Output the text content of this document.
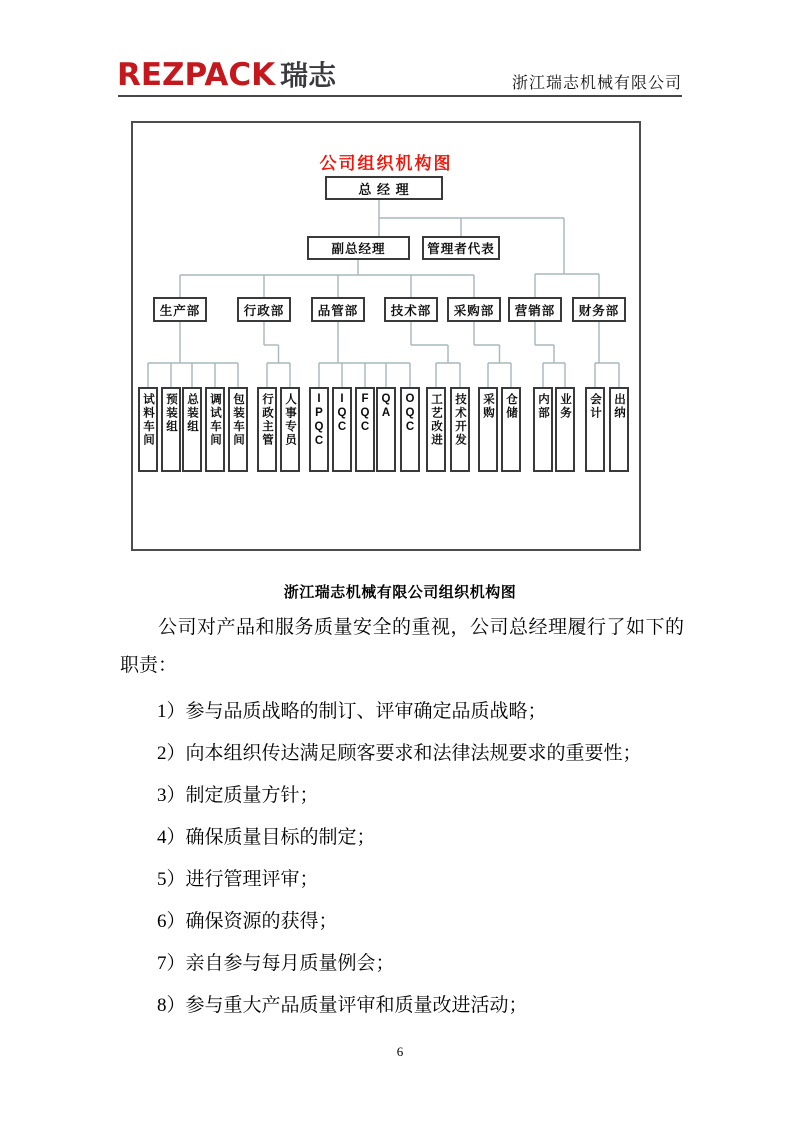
REZPACK 瑞志	浙江瑞志机械有限公司
公司组织机构图
总 经 理
副总经理	管理者代表
生产部
试料车间 预装组 总装组 调试车间 包装车间
行政部
行政主管 人事专员
品管部
IPQC IQC FQC QA	OQC
技术部
工艺改进	技术开发
采购部
采购 仓储
营销部
内部 业务
财务部
会计	出纳
浙江瑞志机械有限公司组织机构图
公司对产品和服务质量安全的重视，公司总经理履行了如下的职责：
1）参与品质战略的制订、评审确定品质战略；
2）向本组织传达满足顾客要求和法律法规要求的重要性；
3）制定质量方针；
4）确保质量目标的制定；
5）进行管理评审；
6）确保资源的获得；
7）亲自参与每月质量例会；
8）参与重大产品质量评审和质量改进活动；
6
